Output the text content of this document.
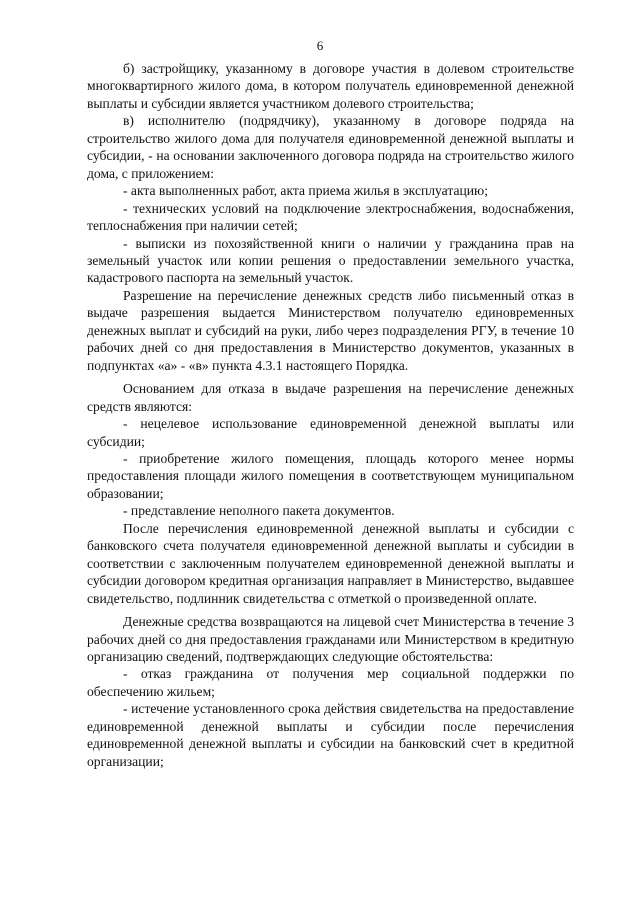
6

б) застройщику, указанному в договоре участия в долевом строительстве многоквартирного жилого дома, в котором получатель единовременной денежной выплаты и субсидии является участником долевого строительства;

в) исполнителю (подрядчику), указанному в договоре подряда на строительство жилого дома для получателя единовременной денежной выплаты и субсидии, - на основании заключенного договора подряда на строительство жилого дома, с приложением:

- акта выполненных работ, акта приема жилья в эксплуатацию;

- технических условий на подключение электроснабжения, водоснабжения, теплоснабжения при наличии сетей;

- выписки из похозяйственной книги о наличии у гражданина прав на земельный участок или копии решения о предоставлении земельного участка, кадастрового паспорта на земельный участок.

Разрешение на перечисление денежных средств либо письменный отказ в выдаче разрешения выдается Министерством получателю единовременных денежных выплат и субсидий на руки, либо через подразделения РГУ, в течение 10 рабочих дней со дня предоставления в Министерство документов, указанных в подпунктах «а» - «в» пункта 4.3.1 настоящего Порядка.

Основанием для отказа в выдаче разрешения на перечисление денежных средств являются:

- нецелевое использование единовременной денежной выплаты или субсидии;

- приобретение жилого помещения, площадь которого менее нормы предоставления площади жилого помещения в соответствующем муниципальном образовании;

- представление неполного пакета документов.

После перечисления единовременной денежной выплаты и субсидии с банковского счета получателя единовременной денежной выплаты и субсидии в соответствии с заключенным получателем единовременной денежной выплаты и субсидии договором кредитная организация направляет в Министерство, выдавшее свидетельство, подлинник свидетельства с отметкой о произведенной оплате.

Денежные средства возвращаются на лицевой счет Министерства в течение 3 рабочих дней со дня предоставления гражданами или Министерством в кредитную организацию сведений, подтверждающих следующие обстоятельства:

- отказ гражданина от получения мер социальной поддержки по обеспечению жильем;

- истечение установленного срока действия свидетельства на предоставление единовременной денежной выплаты и субсидии после перечисления единовременной денежной выплаты и субсидии на банковский счет в кредитной организации;
